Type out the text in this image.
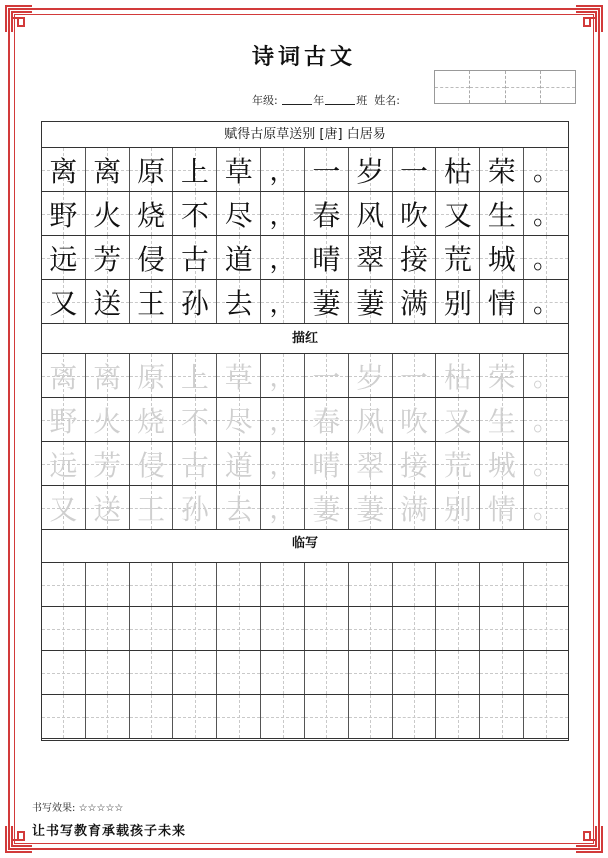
诗词古文
年级:	年	班 姓名:
赋得古原草送别 [唐] 白居易
离 离 原 上 草 ， 一 岁 一 枯 荣 。
野 火 烧 不 尽 ， 春 风 吹 又 生 。
远 芳 侵 古 道 ， 晴 翠 接 荒 城 。
又 送 王 孙 去 ， 萋 萋 满 别 情 。
描红
离 离 原 上 草 ， 一 岁 一 枯 荣 。
野 火 烧 不 尽 ， 春 风 吹 又 生 。
远 芳 侵 古 道 ， 晴 翠 接 荒 城 。
又 送 王 孙 去 ， 萋 萋 满 别 情 。
临写
书写效果: ☆☆☆☆☆
让书写教育承载孩子未来
